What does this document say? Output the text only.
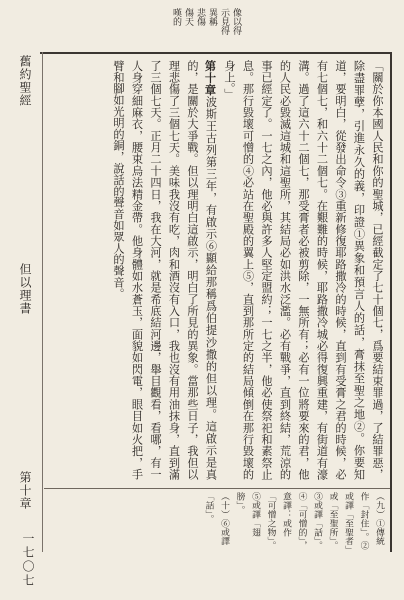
像以得
示見得
異稱
悲傷
傷天
嘆的
舊約聖經
但以理書
第十章

「關於你本國人民和你的聖城，已經截定了七十個七，爲要結束罪過，了結罪惡，除盡罪孽，引進永久的義，印證①異象和預言人的話，膏抹至聖之地②。你要知道，要明白，從發出命令③重新修復耶路撒冷的時候，直到有受膏之君的時候，必有七個七，和六十二個七。在艱難的時候，耶路撒冷城必得復興重建，有街道有濠溝。過了這六十二個七，那受膏者必被剪除，一無所有；必有一位將要來的君，他的人民必毀滅這城和這聖所，其結局必如洪水泛濫。必有戰爭，直到終結，荒涼的事已經定了。一七之內，他必與許多人堅定盟約；一七之半，他必使祭祀和素祭止息。那行毀壞可憎的④必站在聖殿的翼上⑤，直到那所定的結局傾倒在那行毀壞的身上。」

第十章波斯王古列第三年，有啟示⑥顯給那稱爲伯提沙撒的但以理。這啟示是真的，是關於大爭戰。但以理明白這啟示，明白了所見的異象。當那些日子，我但以理悲傷了三個七天。美味我沒有吃，肉和酒沒有入口，我也沒有用油抹身，直到滿了三個七天。正月二十四日，我在大河，就是希底結河邊，舉目觀看，看哪，有一人身穿細麻衣，腰束烏法精金帶。他身體如水蒼玉，面貌如閃電，眼目如火把，手臂和腳如光明的銅，說話的聲音如眾人的聲音。

（九）①傳統作「封住」。②或譯「至聖者」或「至聖所」。③或譯「話」。④「可憎的」，

意譯：或作「可憎之物」。⑤或譯「翅膀」。

（十）⑥或譯「話」。

一七〇七
